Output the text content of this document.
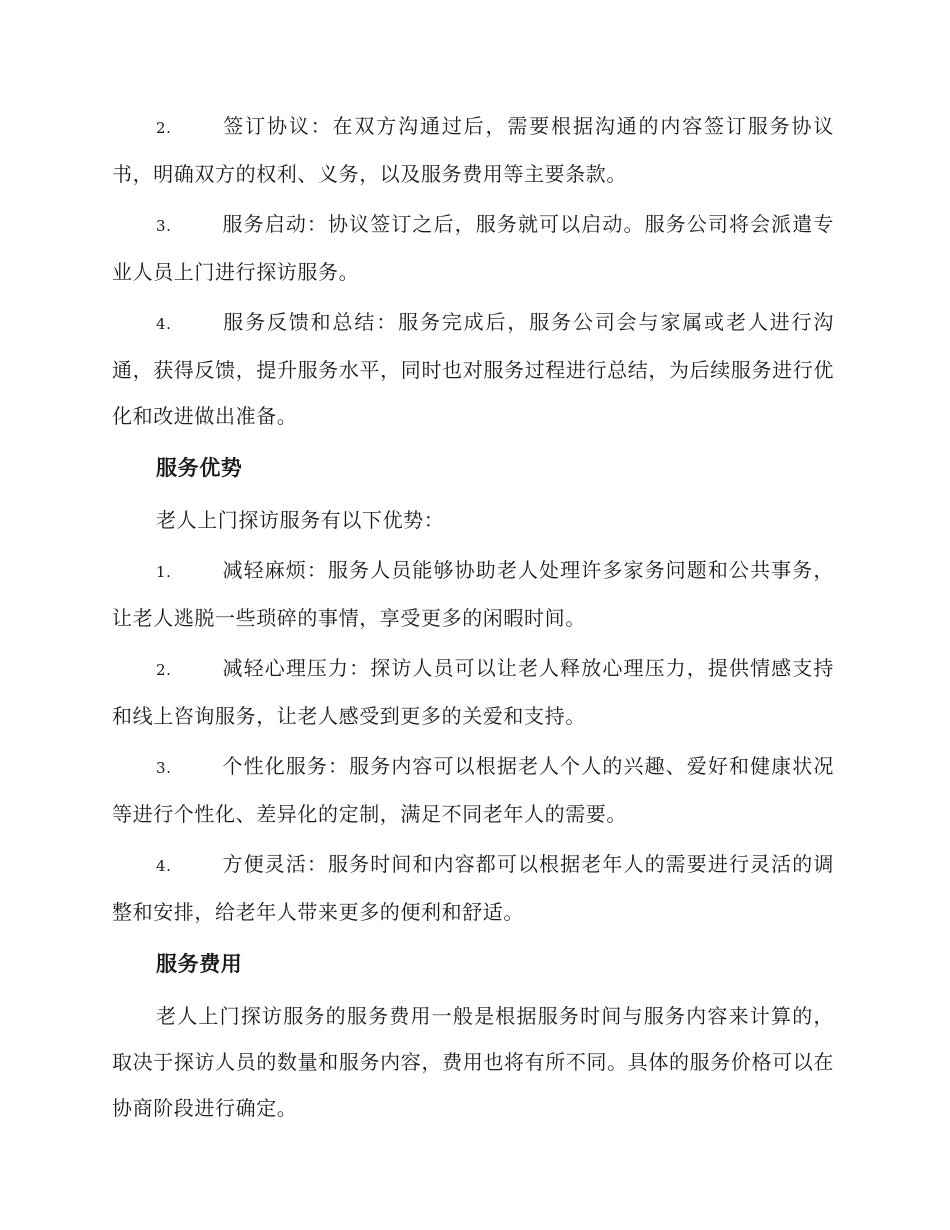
2.	签订协议：在双方沟通过后，需要根据沟通的内容签订服务协议书，明确双方的权利、义务，以及服务费用等主要条款。

3.	服务启动：协议签订之后，服务就可以启动。服务公司将会派遣专业人员上门进行探访服务。

4.	服务反馈和总结：服务完成后，服务公司会与家属或老人进行沟通，获得反馈，提升服务水平，同时也对服务过程进行总结，为后续服务进行优化和改进做出准备。

服务优势

老人上门探访服务有以下优势：

1.	减轻麻烦：服务人员能够协助老人处理许多家务问题和公共事务，让老人逃脱一些琐碎的事情，享受更多的闲暇时间。

2.	减轻心理压力：探访人员可以让老人释放心理压力，提供情感支持和线上咨询服务，让老人感受到更多的关爱和支持。

3.	个性化服务：服务内容可以根据老人个人的兴趣、爱好和健康状况等进行个性化、差异化的定制，满足不同老年人的需要。

4.	方便灵活：服务时间和内容都可以根据老年人的需要进行灵活的调整和安排，给老年人带来更多的便利和舒适。

服务费用

老人上门探访服务的服务费用一般是根据服务时间与服务内容来计算的，取决于探访人员的数量和服务内容，费用也将有所不同。具体的服务价格可以在协商阶段进行确定。
